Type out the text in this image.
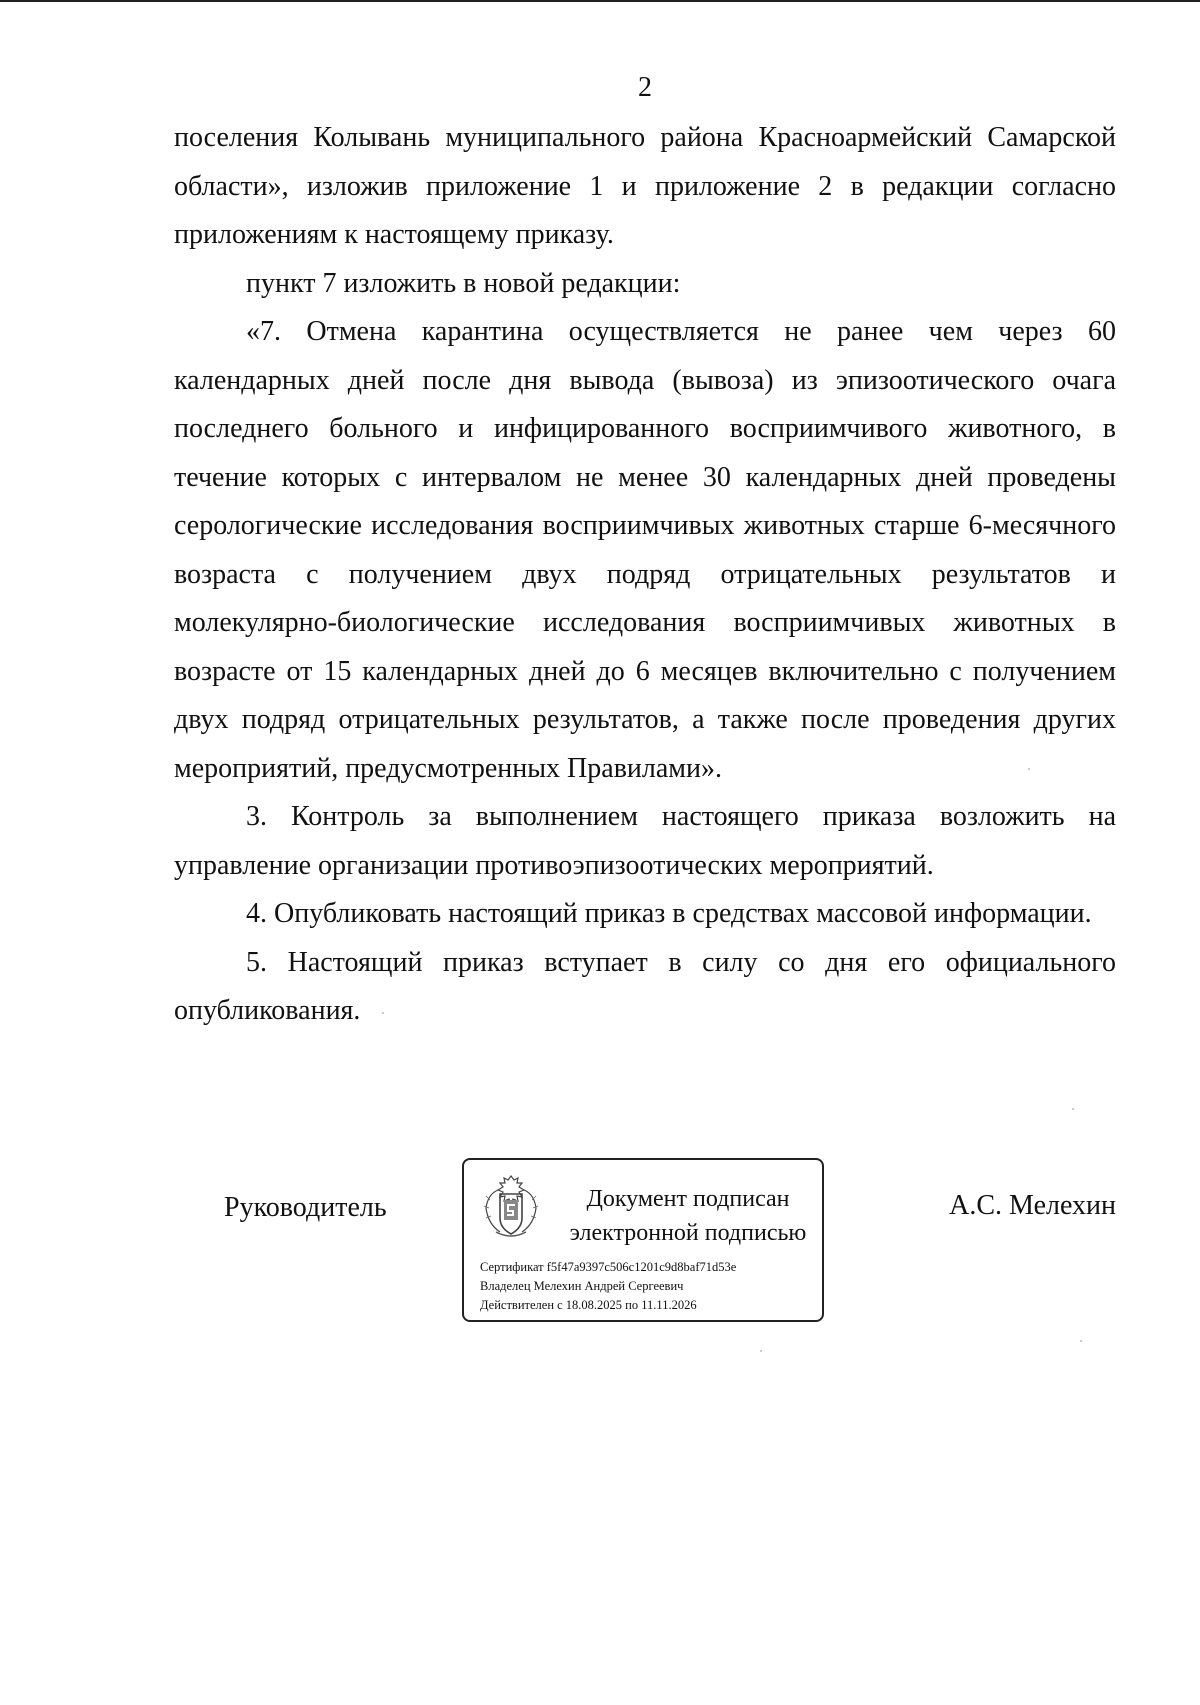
2

поселения Колывань муниципального района Красноармейский Самарской области», изложив приложение 1 и приложение 2 в редакции согласно приложениям к настоящему приказу.

пункт 7 изложить в новой редакции:

«7. Отмена карантина осуществляется не ранее чем через 60 календарных дней после дня вывода (вывоза) из эпизоотического очага последнего больного и инфицированного восприимчивого животного, в течение которых с интервалом не менее 30 календарных дней проведены серологические исследования восприимчивых животных старше 6-месячного возраста с получением двух подряд отрицательных результатов и молекулярно-биологические исследования восприимчивых животных в возрасте от 15 календарных дней до 6 месяцев включительно с получением двух подряд отрицательных результатов, а также после проведения других мероприятий, предусмотренных Правилами».

3. Контроль за выполнением настоящего приказа возложить на управление организации противоэпизоотических мероприятий.

4. Опубликовать настоящий приказ в средствах массовой информации.

5. Настоящий приказ вступает в силу со дня его официального опубликования.

Руководитель	Документ подписан
электронной подписью
Сертификат f5f47a9397c506c1201c9d8baf71d53e
Владелец Мелехин Андрей Сергеевич
Действителен с 18.08.2025 по 11.11.2026
А.С. Мелехин
